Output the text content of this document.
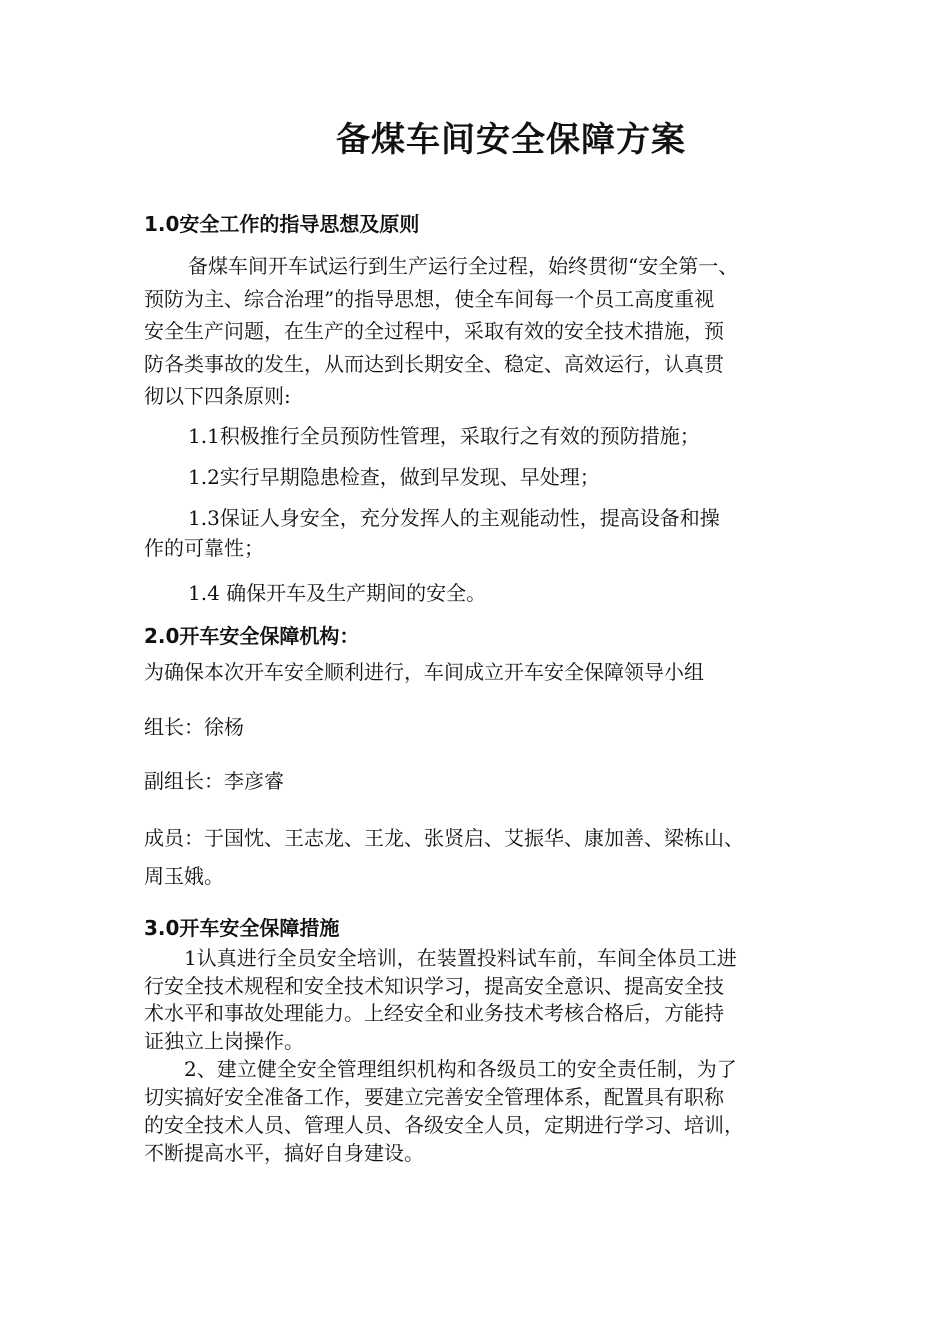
备煤车间安全保障方案
1.0安全工作的指导思想及原则
备煤车间开车试运行到生产运行全过程，始终贯彻“安全第一、
预防为主、综合治理”的指导思想，使全车间每一个员工高度重视
安全生产问题，在生产的全过程中，采取有效的安全技术措施，预
防各类事故的发生，从而达到长期安全、稳定、高效运行，认真贯
彻以下四条原则:
1.1积极推行全员预防性管理，采取行之有效的预防措施；
1.2实行早期隐患检查，做到早发现、早处理；
1.3保证人身安全，充分发挥人的主观能动性，提高设备和操
作的可靠性；
1.4 确保开车及生产期间的安全。
2.0开车安全保障机构：
为确保本次开车安全顺利进行，车间成立开车安全保障领导小组
组长：徐杨
副组长：李彦睿
成员：于国忱、王志龙、王龙、张贤启、艾振华、康加善、梁栋山、
周玉娥。
3.0开车安全保障措施
1认真进行全员安全培训，在装置投料试车前，车间全体员工进
行安全技术规程和安全技术知识学习，提高安全意识、提高安全技
术水平和事故处理能力。上经安全和业务技术考核合格后，方能持
证独立上岗操作。
2、建立健全安全管理组织机构和各级员工的安全责任制，为了
切实搞好安全准备工作，要建立完善安全管理体系，配置具有职称
的安全技术人员、管理人员、各级安全人员，定期进行学习、培训，
不断提高水平，搞好自身建设。
